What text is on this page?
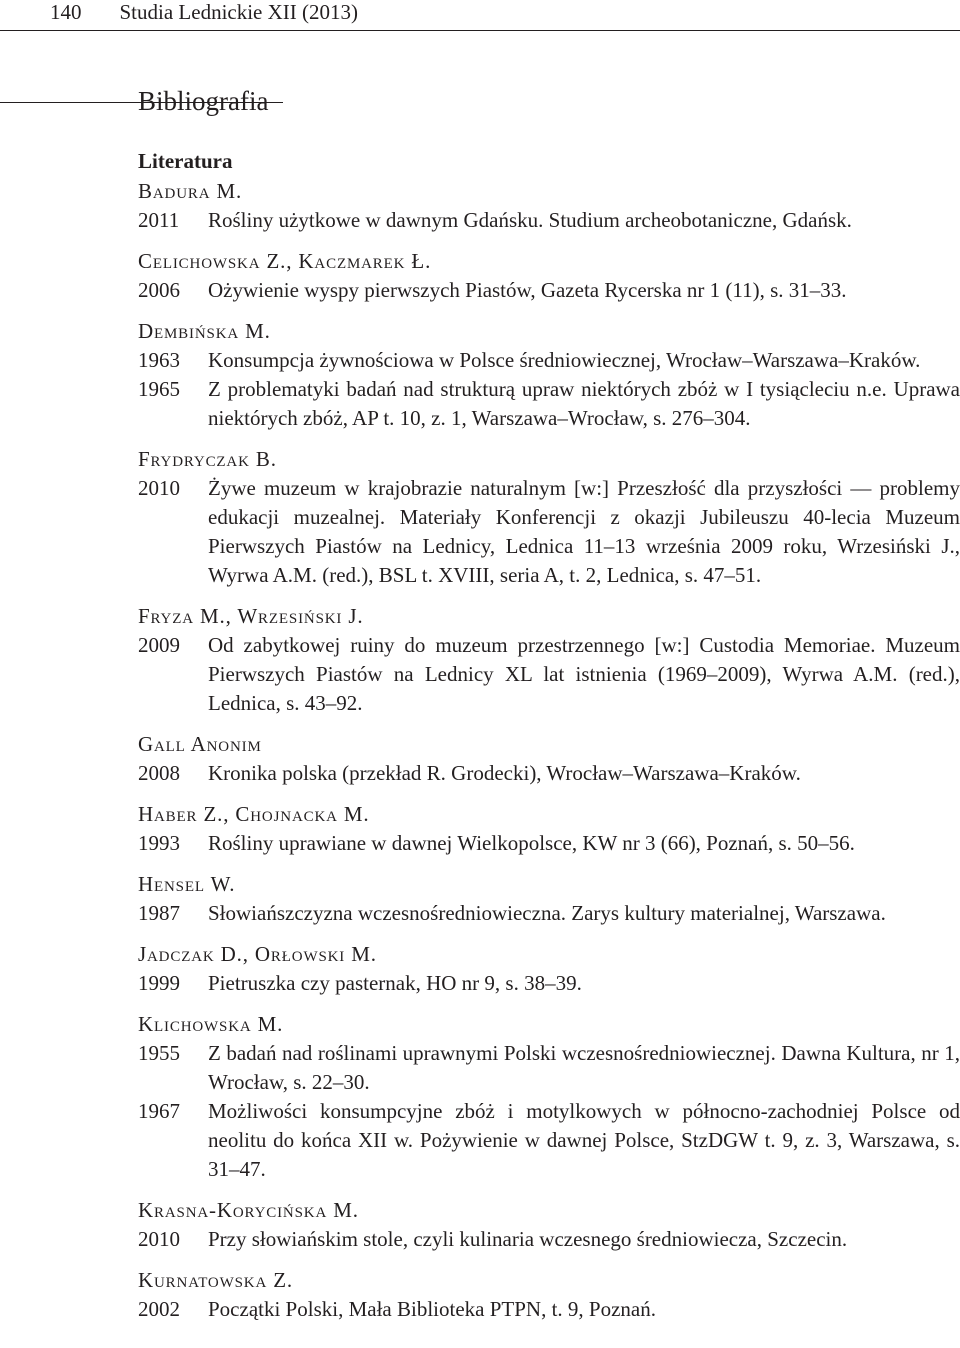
140 Studia Lednickie XII (2013)
Bibliografia
Literatura
Badura M.
2011	Rośliny użytkowe w dawnym Gdańsku. Studium archeobotaniczne, Gdańsk.
Celichowska Z., Kaczmarek Ł.
2006	Ożywienie wyspy pierwszych Piastów, Gazeta Rycerska nr 1 (11), s. 31–33.
Dembińska M.
1963	Konsumpcja żywnościowa w Polsce średniowiecznej, Wrocław–Warszawa–Kraków.
1965	Z problematyki badań nad strukturą upraw niektórych zbóż w I tysiącleciu n.e. Uprawa niektórych zbóż, AP t. 10, z. 1, Warszawa–Wrocław, s. 276–304.
Frydryczak B.
2010	Żywe muzeum w krajobrazie naturalnym [w:] Przeszłość dla przyszłości — problemy edukacji muzealnej. Materiały Konferencji z okazji Jubileuszu 40-lecia Muzeum Pierwszych Piastów na Lednicy, Lednica 11–13 września 2009 roku, Wrzesiński J., Wyrwa A.M. (red.), BSL t. XVIII, seria A, t. 2, Lednica, s. 47–51.
Fryza M., Wrzesiński J.
2009	Od zabytkowej ruiny do muzeum przestrzennego [w:] Custodia Memoriae. Muzeum Pierwszych Piastów na Lednicy XL lat istnienia (1969–2009), Wyrwa A.M. (red.), Lednica, s. 43–92.
Gall Anonim
2008	Kronika polska (przekład R. Grodecki), Wrocław–Warszawa–Kraków.
Haber Z., Chojnacka M.
1993	Rośliny uprawiane w dawnej Wielkopolsce, KW nr 3 (66), Poznań, s. 50–56.
Hensel W.
1987	Słowiańszczyzna wczesnośredniowieczna. Zarys kultury materialnej, Warszawa.
Jadczak D., Orłowski M.
1999	Pietruszka czy pasternak, HO nr 9, s. 38–39.
Klichowska M.
1955	Z badań nad roślinami uprawnymi Polski wczesnośredniowiecznej. Dawna Kultura, nr 1, Wrocław, s. 22–30.
1967	Możliwości konsumpcyjne zbóż i motylkowych w północno-zachodniej Polsce od neolitu do końca XII w. Pożywienie w dawnej Polsce, StzDGW t. 9, z. 3, Warszawa, s. 31–47.
Krasna-Korycińska M.
2010	Przy słowiańskim stole, czyli kulinaria wczesnego średniowiecza, Szczecin.
Kurnatowska Z.
2002	Początki Polski, Mała Biblioteka PTPN, t. 9, Poznań.
